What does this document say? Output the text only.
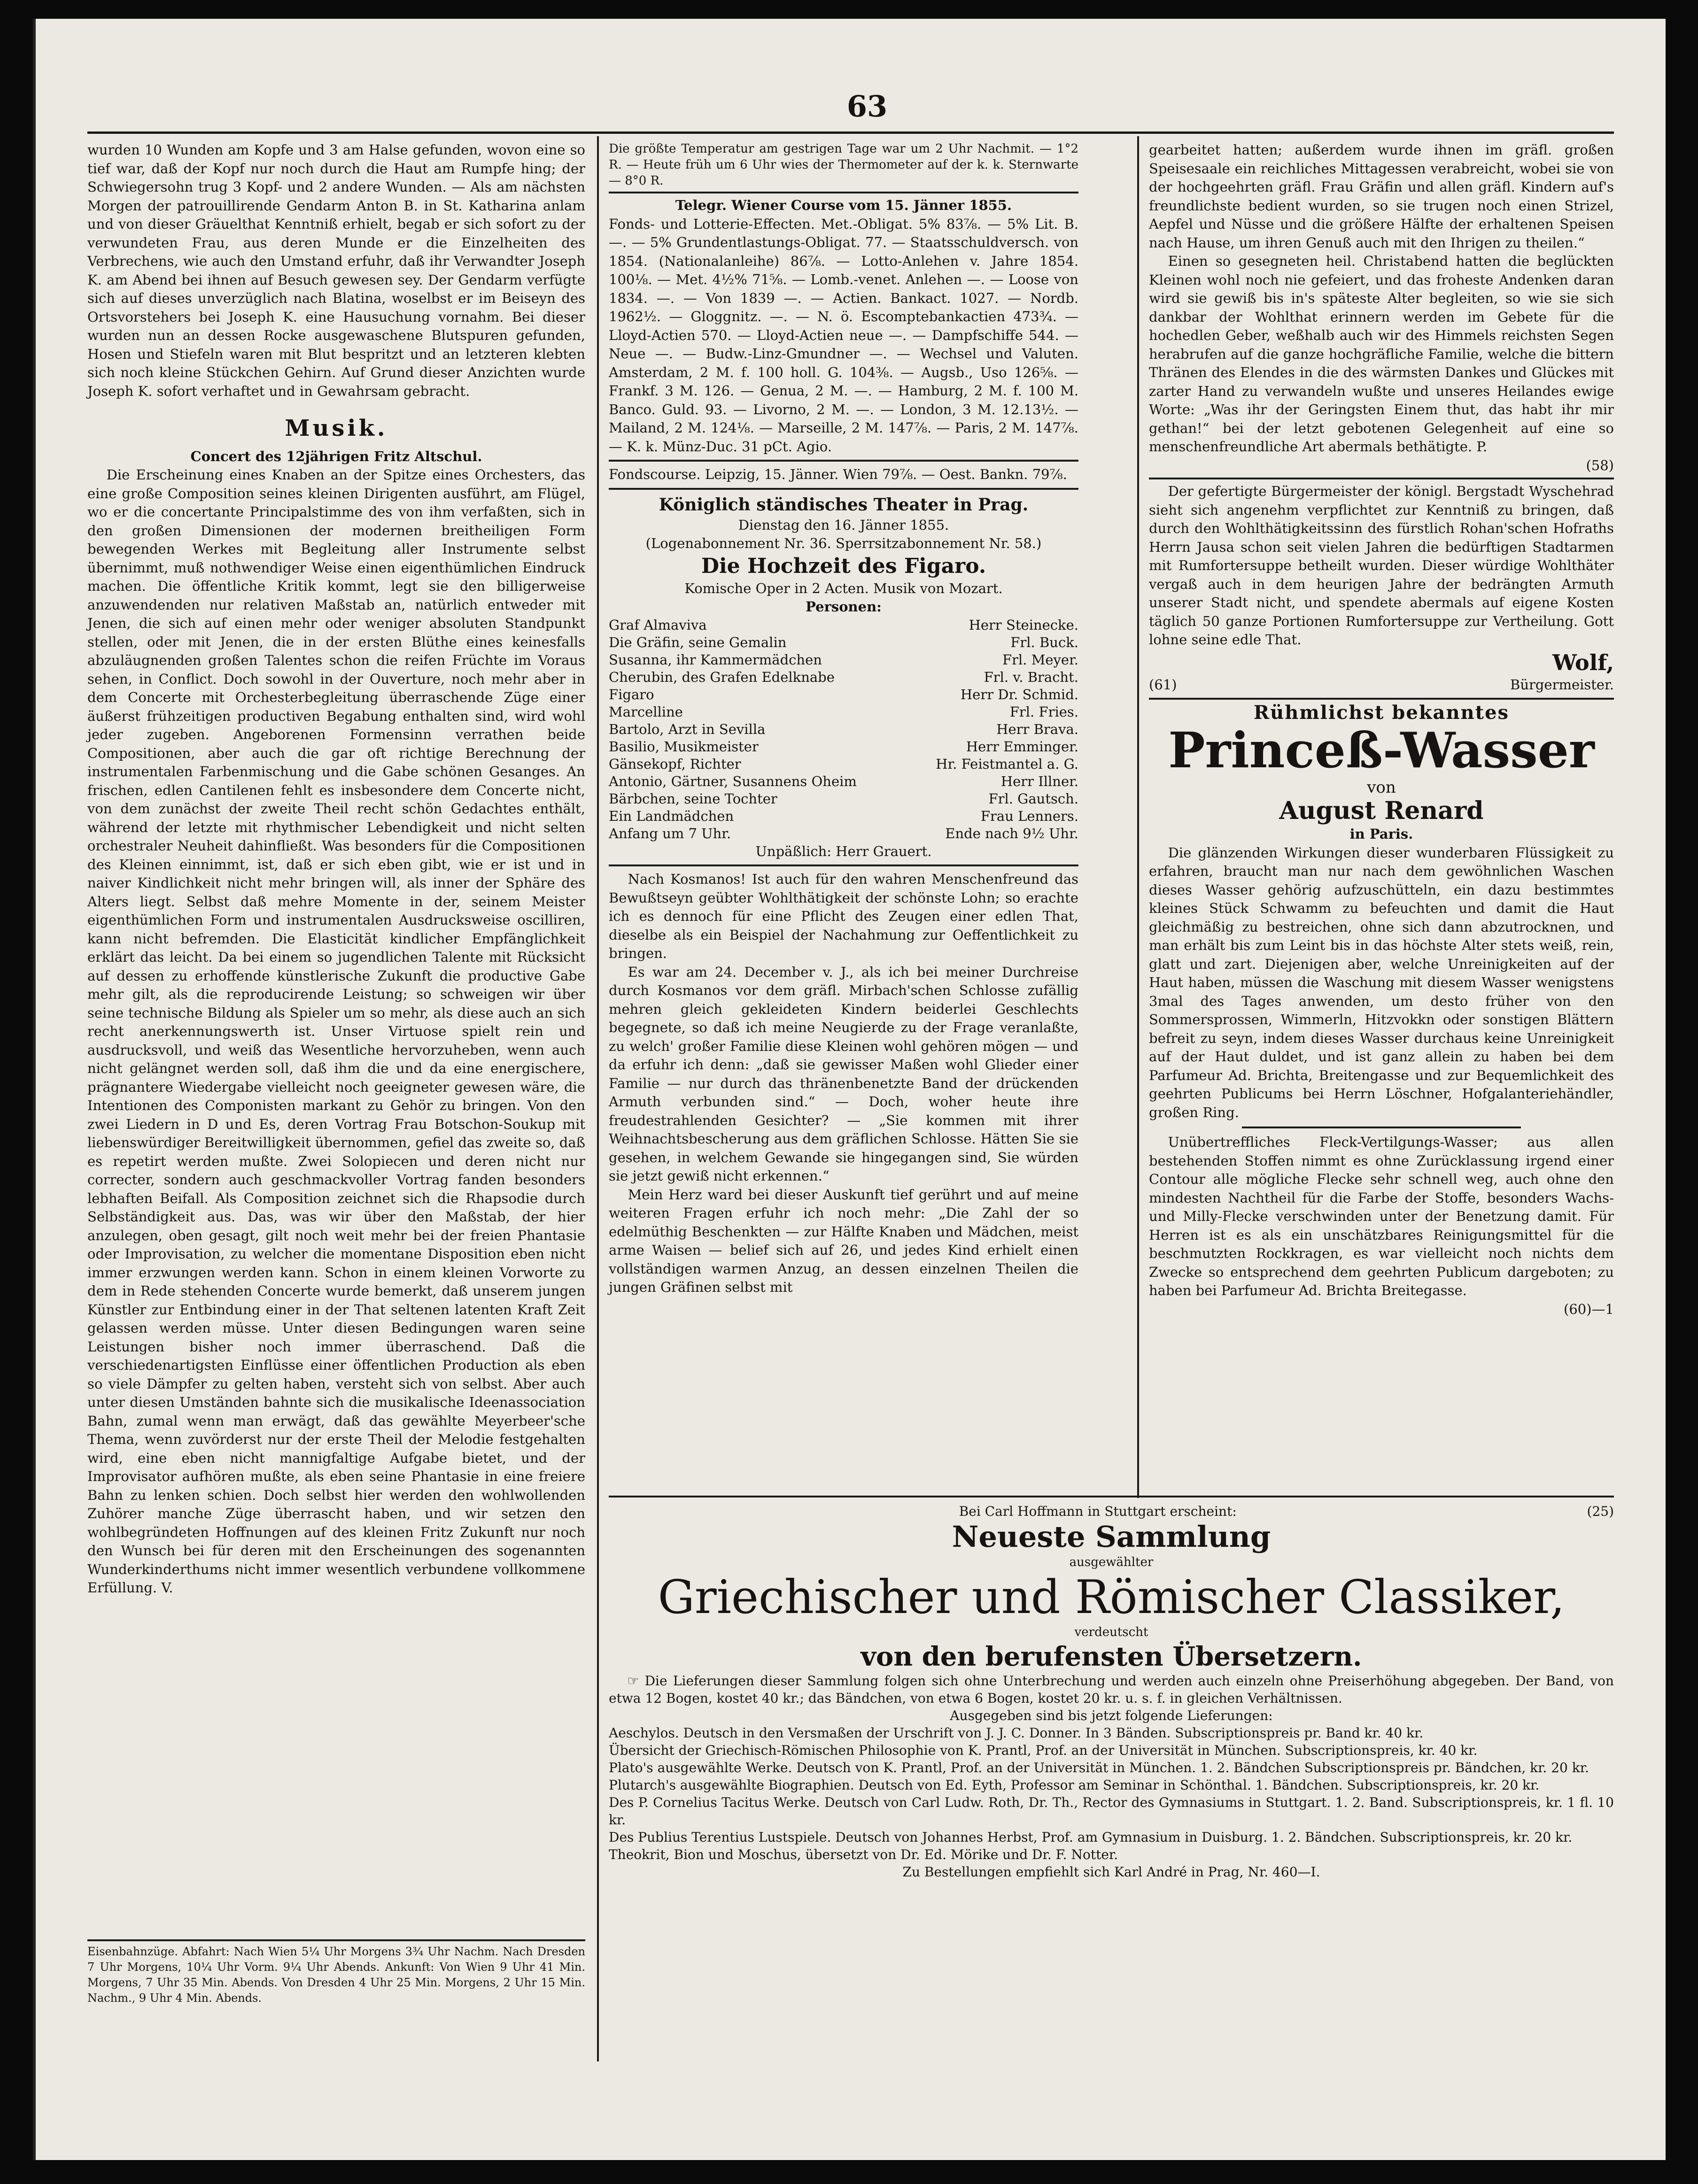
63

wurden 10 Wunden am Kopfe und 3 am Halse gefunden, wovon eine so tief war, daß der Kopf nur noch durch die Haut am Rumpfe hing; der Schwiegersohn trug 3 Kopf- und 2 andere Wunden. — Als am nächsten Morgen der patrouillirende Gendarm Anton B. in St. Katharina anlam und von dieser Gräuelthat Kenntniß erhielt, begab er sich sofort zu der verwundeten Frau, aus deren Munde er die Einzelheiten des Verbrechens, wie auch den Umstand erfuhr, daß ihr Verwandter Joseph K. am Abend bei ihnen auf Besuch gewesen sey. Der Gendarm verfügte sich auf dieses unverzüglich nach Blatina, woselbst er im Beiseyn des Ortsvorstehers bei Joseph K. eine Hausuchung vornahm. Bei dieser wurden nun an dessen Rocke ausgewaschene Blutspuren gefunden, Hosen und Stiefeln waren mit Blut bespritzt und an letzteren klebten sich noch kleine Stückchen Gehirn. Auf Grund dieser Anzichten wurde Joseph K. sofort verhaftet und in Gewahrsam gebracht.

Musik.
Concert des 12jährigen Fritz Altschul.

Die Erscheinung eines Knaben an der Spitze eines Orchesters, das eine große Composition seines kleinen Dirigenten ausführt, am Flügel, wo er die concertante Principalstimme des von ihm verfaßten, sich in den großen Dimensionen der modernen breitheiligen Form bewegenden Werkes mit Begleitung aller Instrumente selbst übernimmt, muß nothwendiger Weise einen eigenthümlichen Eindruck machen. Die öffentliche Kritik kommt, legt sie den billigerweise anzuwendenden nur relativen Maßstab an, natürlich entweder mit Jenen, die sich auf einen mehr oder weniger absoluten Standpunkt stellen, oder mit Jenen, die in der ersten Blüthe eines keinesfalls abzuläugnenden großen Talentes schon die reifen Früchte im Voraus sehen, in Conflict. Doch sowohl in der Ouverture, noch mehr aber in dem Concerte mit Orchesterbegleitung überraschende Züge einer äußerst frühzeitigen productiven Begabung enthalten sind, wird wohl jeder zugeben. Angeborenen Formensinn verrathen beide Compositionen, aber auch die gar oft richtige Berechnung der instrumentalen Farbenmischung und die Gabe schönen Gesanges. An frischen, edlen Cantilenen fehlt es insbesondere dem Concerte nicht, von dem zunächst der zweite Theil recht schön Gedachtes enthält, während der letzte mit rhythmischer Lebendigkeit und nicht selten orchestraler Neuheit dahinfließt. Was besonders für die Compositionen des Kleinen einnimmt, ist, daß er sich eben gibt, wie er ist und in naiver Kindlichkeit nicht mehr bringen will, als inner der Sphäre des Alters liegt. Selbst daß mehre Momente in der, seinem Meister eigenthümlichen Form und instrumentalen Ausdrucksweise oscilliren, kann nicht befremden. Die Elasticität kindlicher Empfänglichkeit erklärt das leicht. Da bei einem so jugendlichen Talente mit Rücksicht auf dessen zu erhoffende künstlerische Zukunft die productive Gabe mehr gilt, als die reproducirende Leistung; so schweigen wir über seine technische Bildung als Spieler um so mehr, als diese auch an sich recht anerkennungswerth ist. Unser Virtuose spielt rein und ausdrucksvoll, und weiß das Wesentliche hervorzuheben, wenn auch nicht gelängnet werden soll, daß ihm die und da eine energischere, prägnantere Wiedergabe vielleicht noch geeigneter gewesen wäre, die Intentionen des Componisten markant zu Gehör zu bringen. Von den zwei Liedern in D und Es, deren Vortrag Frau Botschon-Soukup mit liebenswürdiger Bereitwilligkeit übernommen, gefiel das zweite so, daß es repetirt werden mußte. Zwei Solopiecen und deren nicht nur correcter, sondern auch geschmackvoller Vortrag fanden besonders lebhaften Beifall. Als Composition zeichnet sich die Rhapsodie durch Selbständigkeit aus. Das, was wir über den Maßstab, der hier anzulegen, oben gesagt, gilt noch weit mehr bei der freien Phantasie oder Improvisation, zu welcher die momentane Disposition eben nicht immer erzwungen werden kann. Schon in einem kleinen Vorworte zu dem in Rede stehenden Concerte wurde bemerkt, daß unserem jungen Künstler zur Entbindung einer in der That seltenen latenten Kraft Zeit gelassen werden müsse. Unter diesen Bedingungen waren seine Leistungen bisher noch immer überraschend. Daß die verschiedenartigsten Einflüsse einer öffentlichen Production als eben so viele Dämpfer zu gelten haben, versteht sich von selbst. Aber auch unter diesen Umständen bahnte sich die musikalische Ideenassociation Bahn, zumal wenn man erwägt, daß das gewählte Meyerbeer'sche Thema, wenn zuvörderst nur der erste Theil der Melodie festgehalten wird, eine eben nicht mannigfaltige Aufgabe bietet, und der Improvisator aufhören mußte, als eben seine Phantasie in eine freiere Bahn zu lenken schien. Doch selbst hier werden den wohlwollenden Zuhörer manche Züge überrascht haben, und wir setzen den wohlbegründeten Hoffnungen auf des kleinen Fritz Zukunft nur noch den Wunsch bei für deren mit den Erscheinungen des sogenannten Wunderkinderthums nicht immer wesentlich verbundene vollkommene Erfüllung. V.

Eisenbahnzüge. Abfahrt: Nach Wien 5¼ Uhr Morgens 3¾ Uhr Nachm. Nach Dresden 7 Uhr Morgens, 10¼ Uhr Vorm. 9¼ Uhr Abends. Ankunft: Von Wien 9 Uhr 41 Min. Morgens, 7 Uhr 35 Min. Abends. Von Dresden 4 Uhr 25 Min. Morgens, 2 Uhr 15 Min. Nachm., 9 Uhr 4 Min. Abends.
Die größte Temperatur am gestrigen Tage war um 2 Uhr Nachmit. — 1°2 R. — Heute früh um 6 Uhr wies der Thermometer auf der k. k. Sternwarte — 8°0 R.
Telegr. Wiener Course vom 15. Jänner 1855.
Fonds- und Lotterie-Effecten. Met.-Obligat. 5% 83⅞. — 5% Lit. B. —. — 5% Grundentlastungs-Obligat. 77. — Staatsschuldversch. von 1854. (Nationalanleihe) 86⅞. — Lotto-Anlehen v. Jahre 1854. 100⅛. — Met. 4½% 71⅝. — Lomb.-venet. Anlehen —. — Loose von 1834. —. — Von 1839 —. — Actien. Bankact. 1027. — Nordb. 1962½. — Gloggnitz. —. — N. ö. Escomptebankactien 473¾. — Lloyd-Actien 570. — Lloyd-Actien neue —. — Dampfschiffe 544. — Neue —. — Budw.-Linz-Gmundner —. — Wechsel und Valuten. Amsterdam, 2 M. f. 100 holl. G. 104⅜. — Augsb., Uso 126⅝. — Frankf. 3 M. 126. — Genua, 2 M. —. — Hamburg, 2 M. f. 100 M. Banco. Guld. 93. — Livorno, 2 M. —. — London, 3 M. 12.13½. — Mailand, 2 M. 124⅛. — Marseille, 2 M. 147⅞. — Paris, 2 M. 147⅞. — K. k. Münz-Duc. 31 pCt. Agio.
Fondscourse. Leipzig, 15. Jänner. Wien 79⅞. — Oest. Bankn. 79⅞.
Königlich ständisches Theater in Prag.
Dienstag den 16. Jänner 1855.
(Logenabonnement Nr. 36. Sperrsitzabonnement Nr. 58.)
Die Hochzeit des Figaro.
Komische Oper in 2 Acten. Musik von Mozart.
Personen:
Graf Almaviva	Herr Steinecke.
Die Gräfin, seine Gemalin	Frl. Buck.
Susanna, ihr Kammermädchen	Frl. Meyer.
Cherubin, des Grafen Edelknabe	Frl. v. Bracht.
Figaro	Herr Dr. Schmid.
Marcelline	Frl. Fries.
Bartolo, Arzt in Sevilla	Herr Brava.
Basilio, Musikmeister	Herr Emminger.
Gänsekopf, Richter	Hr. Feistmantel a. G.
Antonio, Gärtner, Susannens Oheim	Herr Illner.
Bärbchen, seine Tochter	Frl. Gautsch.
Ein Landmädchen	Frau Lenners.
Anfang um 7 Uhr.	Ende nach 9½ Uhr.
Unpäßlich: Herr Grauert.

Nach Kosmanos! Ist auch für den wahren Menschenfreund das Bewußtseyn geübter Wohlthätigkeit der schönste Lohn; so erachte ich es dennoch für eine Pflicht des Zeugen einer edlen That, dieselbe als ein Beispiel der Nachahmung zur Oeffentlichkeit zu bringen.

Es war am 24. December v. J., als ich bei meiner Durchreise durch Kosmanos vor dem gräfl. Mirbach'schen Schlosse zufällig mehren gleich gekleideten Kindern beiderlei Geschlechts begegnete, so daß ich meine Neugierde zu der Frage veranlaßte, zu welch' großer Familie diese Kleinen wohl gehören mögen — und da erfuhr ich denn: „daß sie gewisser Maßen wohl Glieder einer Familie — nur durch das thränenbenetzte Band der drückenden Armuth verbunden sind.“ — Doch, woher heute ihre freudestrahlenden Gesichter? — „Sie kommen mit ihrer Weihnachtsbescherung aus dem gräflichen Schlosse. Hätten Sie sie gesehen, in welchem Gewande sie hingegangen sind, Sie würden sie jetzt gewiß nicht erkennen.“

Mein Herz ward bei dieser Auskunft tief gerührt und auf meine weiteren Fragen erfuhr ich noch mehr: „Die Zahl der so edelmüthig Beschenkten — zur Hälfte Knaben und Mädchen, meist arme Waisen — belief sich auf 26, und jedes Kind erhielt einen vollständigen warmen Anzug, an dessen einzelnen Theilen die jungen Gräfinen selbst mit

gearbeitet hatten; außerdem wurde ihnen im gräfl. großen Speisesaale ein reichliches Mittagessen verabreicht, wobei sie von der hochgeehrten gräfl. Frau Gräfin und allen gräfl. Kindern auf's freundlichste bedient wurden, so sie trugen noch einen Strizel, Aepfel und Nüsse und die größere Hälfte der erhaltenen Speisen nach Hause, um ihren Genuß auch mit den Ihrigen zu theilen.“

Einen so gesegneten heil. Christabend hatten die beglückten Kleinen wohl noch nie gefeiert, und das froheste Andenken daran wird sie gewiß bis in's späteste Alter begleiten, so wie sie sich dankbar der Wohlthat erinnern werden im Gebete für die hochedlen Geber, weßhalb auch wir des Himmels reichsten Segen herabrufen auf die ganze hochgräfliche Familie, welche die bittern Thränen des Elendes in die des wärmsten Dankes und Glückes mit zarter Hand zu verwandeln wußte und unseres Heilandes ewige Worte: „Was ihr der Geringsten Einem thut, das habt ihr mir gethan!“ bei der letzt gebotenen Gelegenheit auf eine so menschenfreundliche Art abermals bethätigte. P.

(58)

Der gefertigte Bürgermeister der königl. Bergstadt Wyschehrad sieht sich angenehm verpflichtet zur Kenntniß zu bringen, daß durch den Wohlthätigkeitssinn des fürstlich Rohan'schen Hofraths Herrn Jausa schon seit vielen Jahren die bedürftigen Stadtarmen mit Rumfortersuppe betheilt wurden. Dieser würdige Wohlthäter vergaß auch in dem heurigen Jahre der bedrängten Armuth unserer Stadt nicht, und spendete abermals auf eigene Kosten täglich 50 ganze Portionen Rumfortersuppe zur Vertheilung. Gott lohne seine edle That.

Wolf,
(61)	Bürgermeister.
Rühmlichst bekanntes
Princeß-Wasser
von
August Renard
in Paris.

Die glänzenden Wirkungen dieser wunderbaren Flüssigkeit zu erfahren, braucht man nur nach dem gewöhnlichen Waschen dieses Wasser gehörig aufzuschütteln, ein dazu bestimmtes kleines Stück Schwamm zu befeuchten und damit die Haut gleichmäßig zu bestreichen, ohne sich dann abzutrocknen, und man erhält bis zum Leint bis in das höchste Alter stets weiß, rein, glatt und zart. Diejenigen aber, welche Unreinigkeiten auf der Haut haben, müssen die Waschung mit diesem Wasser wenigstens 3mal des Tages anwenden, um desto früher von den Sommersprossen, Wimmerln, Hitzvokkn oder sonstigen Blättern befreit zu seyn, indem dieses Wasser durchaus keine Unreinigkeit auf der Haut duldet, und ist ganz allein zu haben bei dem Parfumeur Ad. Brichta, Breitengasse und zur Bequemlichkeit des geehrten Publicums bei Herrn Löschner, Hofgalanteriehändler, großen Ring.

Unübertreffliches Fleck-Vertilgungs-Wasser; aus allen bestehenden Stoffen nimmt es ohne Zurücklassung irgend einer Contour alle mögliche Flecke sehr schnell weg, auch ohne den mindesten Nachtheil für die Farbe der Stoffe, besonders Wachs- und Milly-Flecke verschwinden unter der Benetzung damit. Für Herren ist es als ein unschätzbares Reinigungsmittel für die beschmutzten Rockkragen, es war vielleicht noch nichts dem Zwecke so entsprechend dem geehrten Publicum dargeboten; zu haben bei Parfumeur Ad. Brichta Breitegasse.

(60)—1
Bei Carl Hoffmann in Stuttgart erscheint:	(25)
Neueste Sammlung
ausgewählter
Griechischer und Römischer Classiker,
verdeutscht
von den berufensten Übersetzern.

☞ Die Lieferungen dieser Sammlung folgen sich ohne Unterbrechung und werden auch einzeln ohne Preiserhöhung abgegeben. Der Band, von etwa 12 Bogen, kostet 40 kr.; das Bändchen, von etwa 6 Bogen, kostet 20 kr. u. s. f. in gleichen Verhältnissen.

Ausgegeben sind bis jetzt folgende Lieferungen:
Aeschylos. Deutsch in den Versmaßen der Urschrift von J. J. C. Donner. In 3 Bänden. Subscriptionspreis pr. Band kr. 40 kr.
Übersicht der Griechisch-Römischen Philosophie von K. Prantl, Prof. an der Universität in München. Subscriptionspreis, kr. 40 kr.
Plato's ausgewählte Werke. Deutsch von K. Prantl, Prof. an der Universität in München. 1. 2. Bändchen Subscriptionspreis pr. Bändchen, kr. 20 kr.
Plutarch's ausgewählte Biographien. Deutsch von Ed. Eyth, Professor am Seminar in Schönthal. 1. Bändchen. Subscriptionspreis, kr. 20 kr.
Des P. Cornelius Tacitus Werke. Deutsch von Carl Ludw. Roth, Dr. Th., Rector des Gymnasiums in Stuttgart. 1. 2. Band. Subscriptionspreis, kr. 1 fl. 10 kr.
Des Publius Terentius Lustspiele. Deutsch von Johannes Herbst, Prof. am Gymnasium in Duisburg. 1. 2. Bändchen. Subscriptionspreis, kr. 20 kr.
Theokrit, Bion und Moschus, übersetzt von Dr. Ed. Mörike und Dr. F. Notter.
Zu Bestellungen empfiehlt sich Karl André in Prag, Nr. 460—I.
